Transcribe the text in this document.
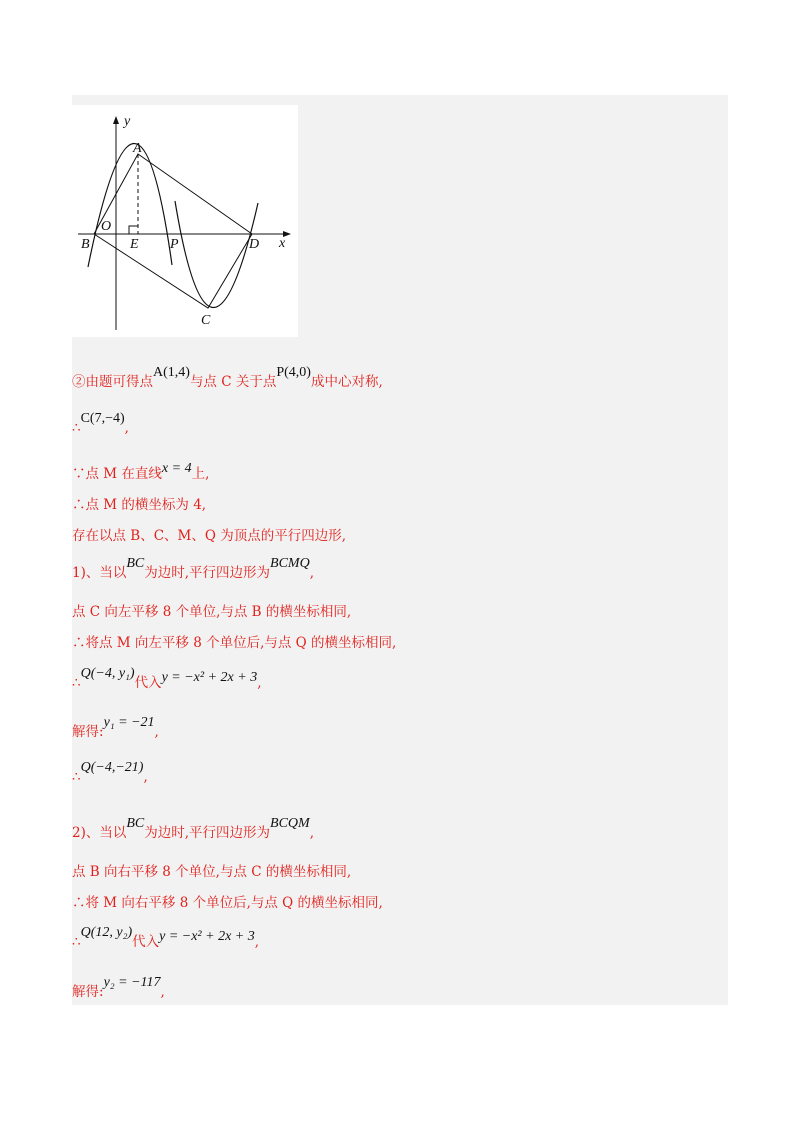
y
x
A
O
B	E P	D
C
②由题可得点A(1,4)与点 C 关于点P(4,0)成中心对称,
∴C(7,−4),
∵点 M 在直线x = 4上,
∴点 M 的横坐标为 4,
存在以点 B、C、M、Q 为顶点的平行四边形,
1)、当以BC为边时,平行四边形为BCMQ,
点 C 向左平移 8 个单位,与点 B 的横坐标相同,
∴将点 M 向左平移 8 个单位后,与点 Q 的横坐标相同,
∴Q(−4, y₁)代入y = −x² + 2x + 3,
解得:y₁ = −21,
∴Q(−4,−21),
2)、当以BC为边时,平行四边形为BCQM,
点 B 向右平移 8 个单位,与点 C 的横坐标相同,
∴将 M 向右平移 8 个单位后,与点 Q 的横坐标相同,
∴Q(12, y₂)代入y = −x² + 2x + 3,
解得:y₂ = −117,
